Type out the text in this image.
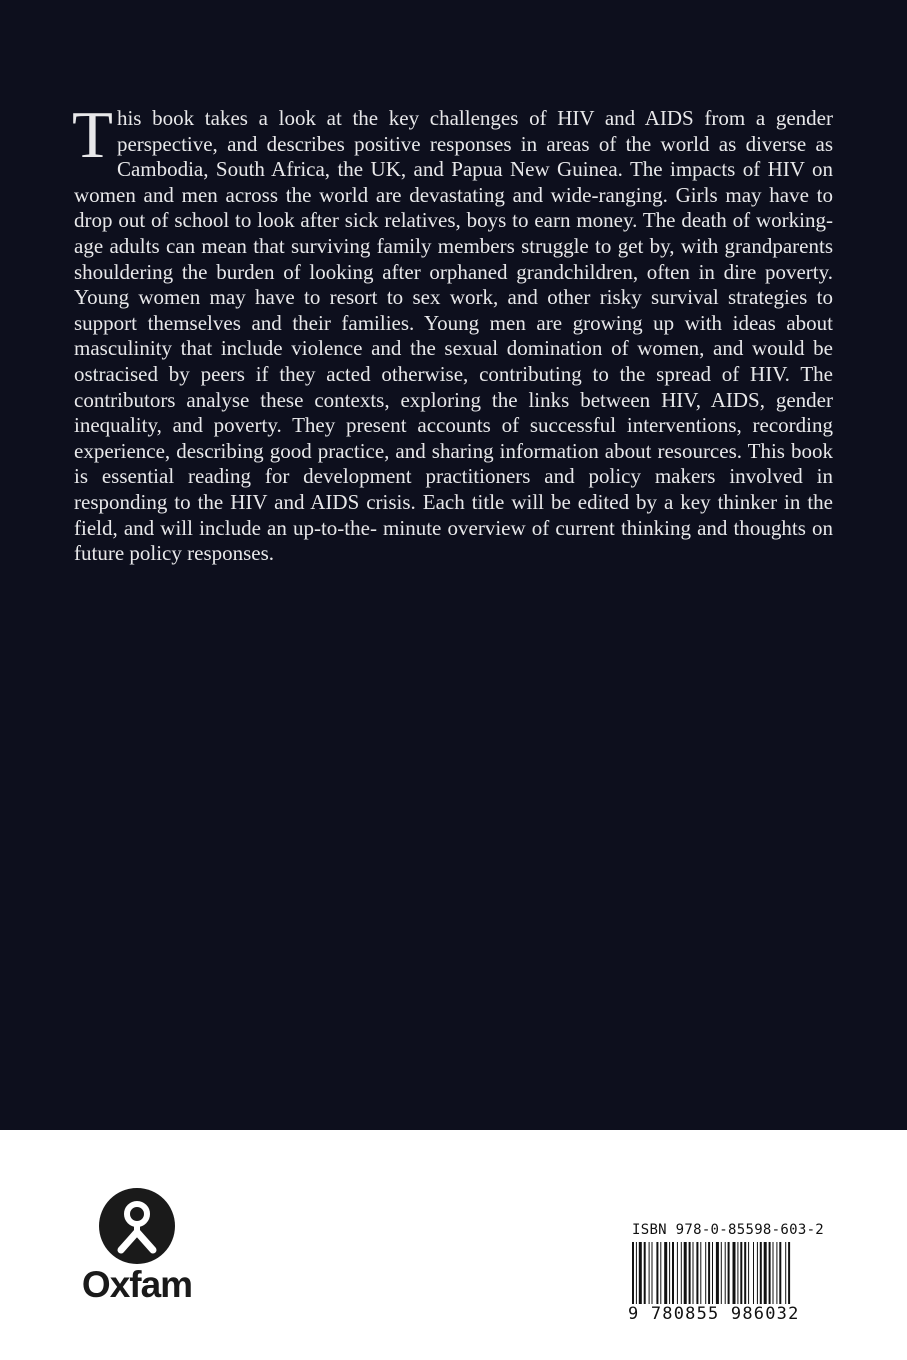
This book takes a look at the key challenges of HIV and AIDS from a gender perspective, and describes positive responses in areas of the world as diverse as Cambodia, South Africa, the UK, and Papua New Guinea. The impacts of HIV on women and men across the world are devastating and wide-ranging. Girls may have to drop out of school to look after sick relatives, boys to earn money. The death of working-age adults can mean that surviving family members struggle to get by, with grandparents shouldering the burden of looking after orphaned grandchildren, often in dire poverty. Young women may have to resort to sex work, and other risky survival strategies to support themselves and their families. Young men are growing up with ideas about masculinity that include violence and the sexual domination of women, and would be ostracised by peers if they acted otherwise, contributing to the spread of HIV. The contributors analyse these contexts, exploring the links between HIV, AIDS, gender inequality, and poverty. They present accounts of successful interventions, recording experience, describing good practice, and sharing information about resources. This book is essential reading for development practitioners and policy makers involved in responding to the HIV and AIDS crisis. Each title will be edited by a key thinker in the field, and will include an up-to-the- minute overview of current thinking and thoughts on future policy responses.

Oxfam
ISBN 978-0-85598-603-2
9 780855 986032
